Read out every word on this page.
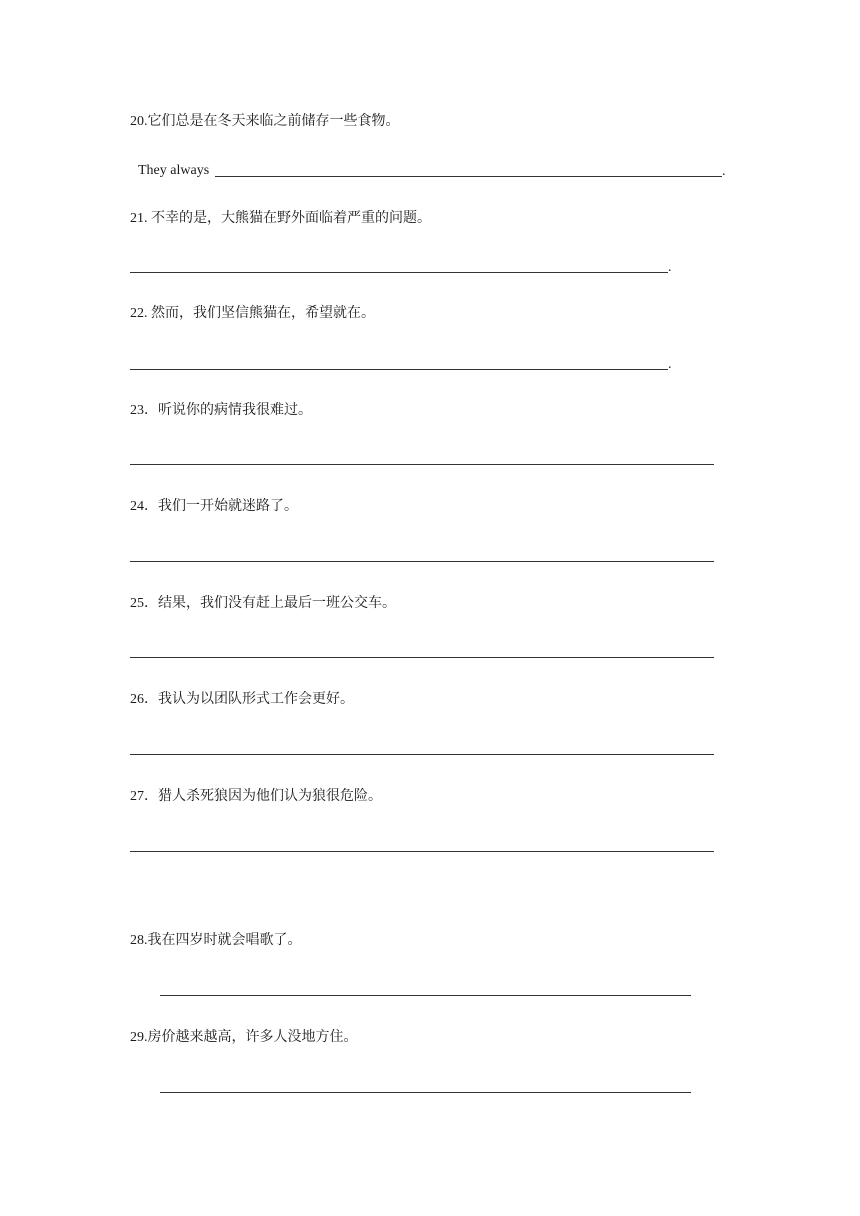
20.它们总是在冬天来临之前储存一些食物。
They always	.
21. 不幸的是，大熊猫在野外面临着严重的问题。
.
22. 然而，我们坚信熊猫在，希望就在。
.
23．听说你的病情我很难过。
24．我们一开始就迷路了。
25．结果，我们没有赶上最后一班公交车。
26．我认为以团队形式工作会更好。
27．猎人杀死狼因为他们认为狼很危险。
28.我在四岁时就会唱歌了。
29.房价越来越高，许多人没地方住。
